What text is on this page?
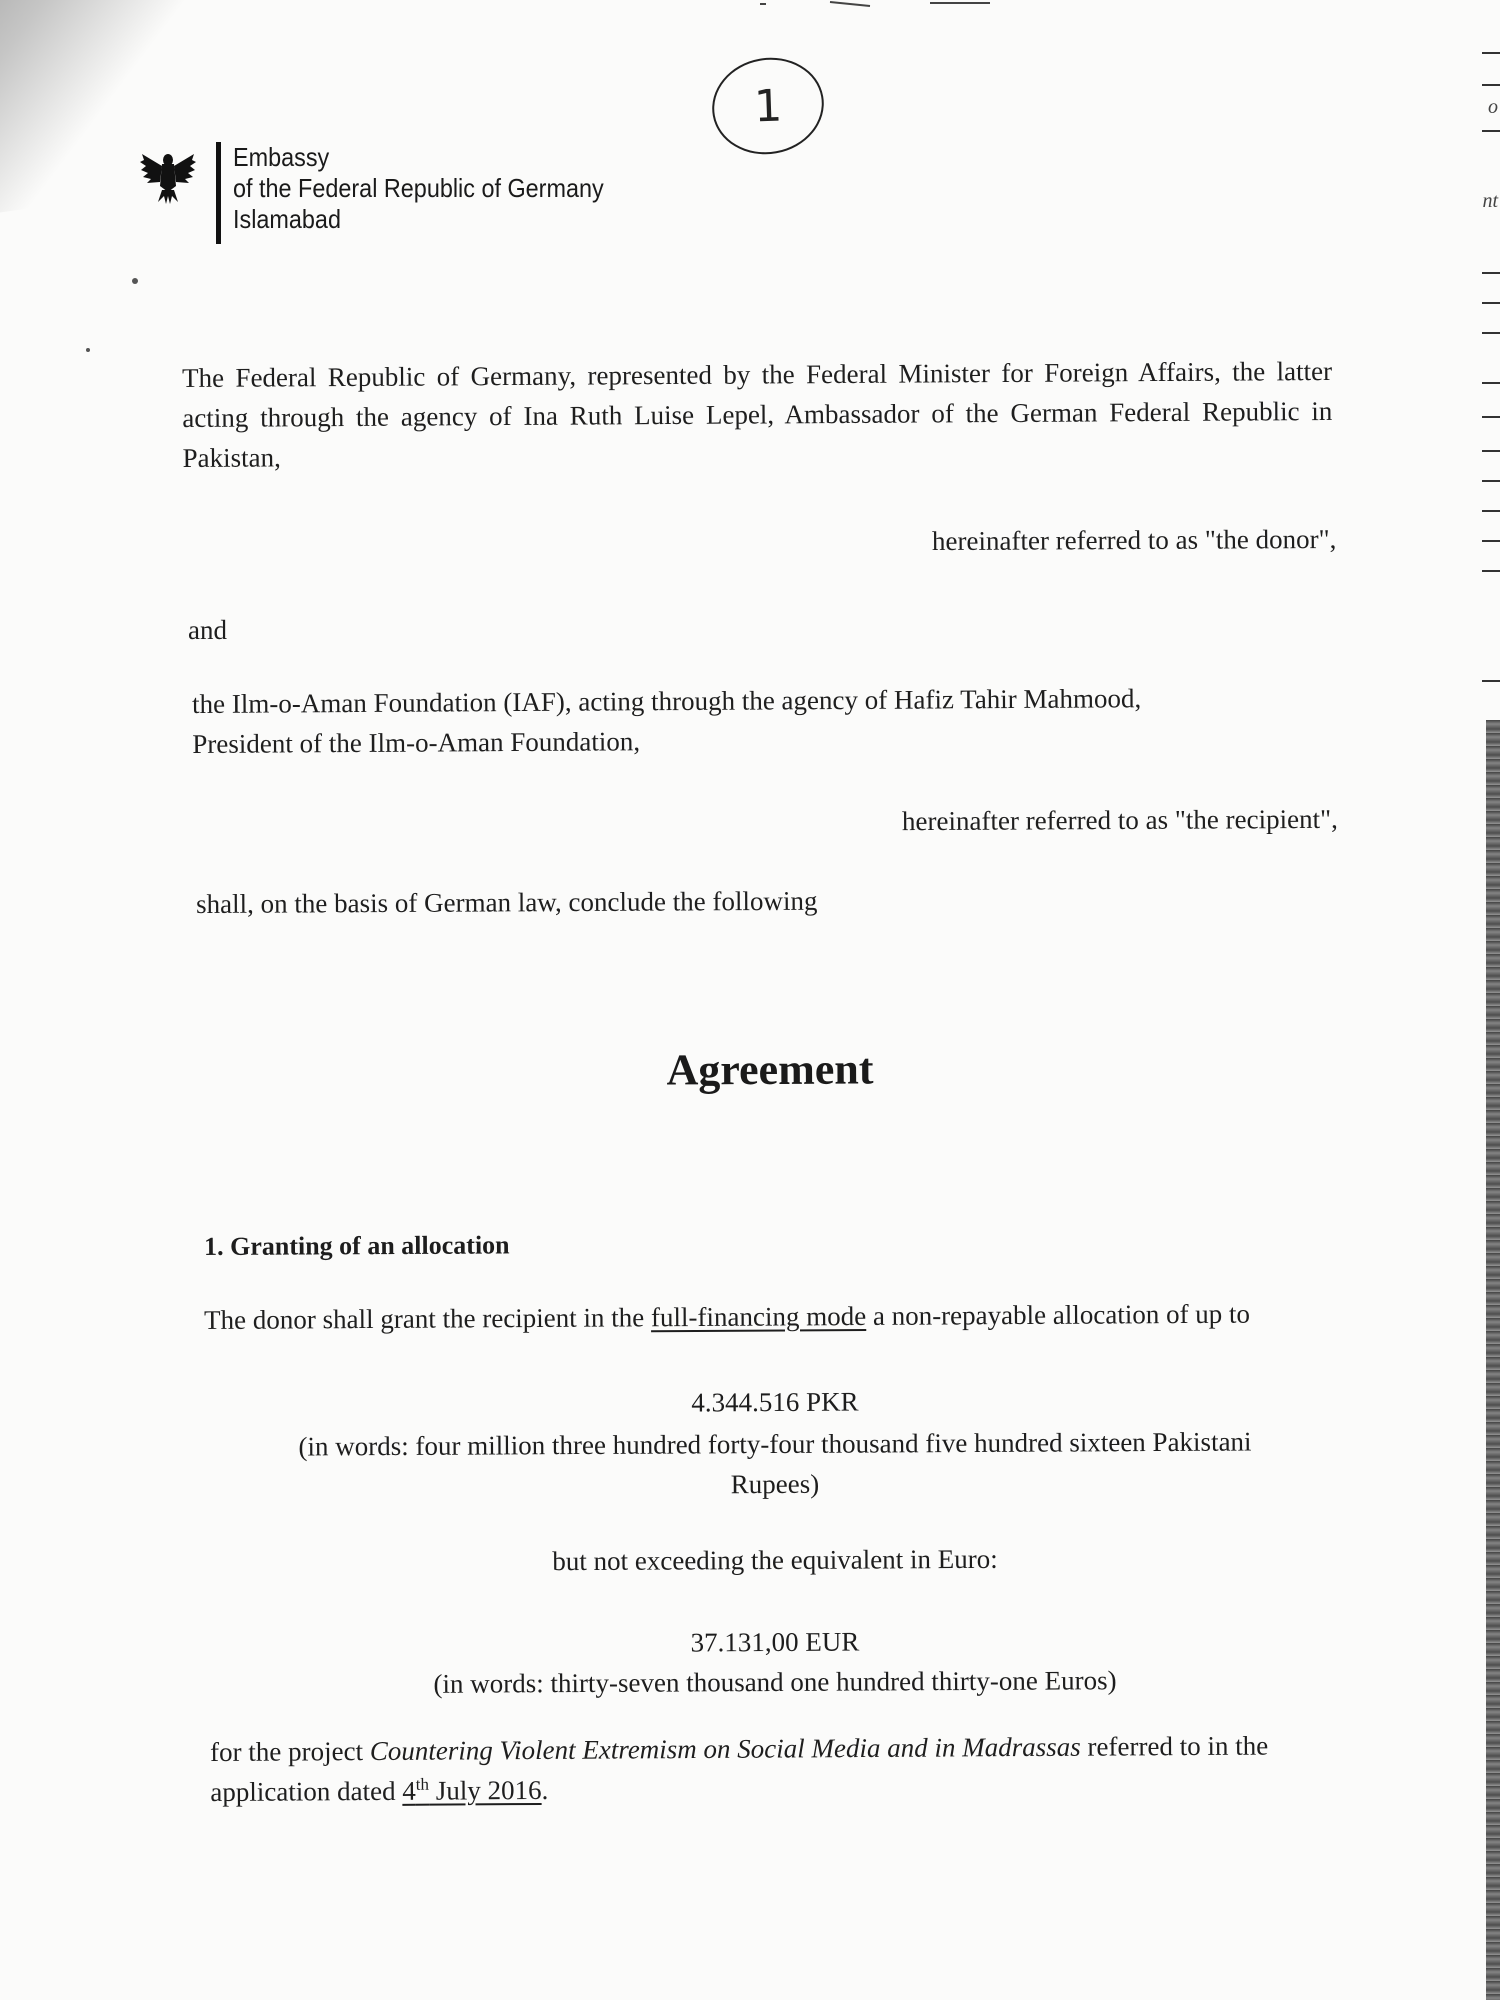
o
nt
1
Embassy
of the Federal Republic of Germany
Islamabad
The Federal Republic of Germany, represented by the Federal Minister for Foreign Affairs, the latter acting through the agency of Ina Ruth Luise Lepel, Ambassador of the German Federal Republic in Pakistan,
hereinafter referred to as "the donor",
and
the Ilm-o-Aman Foundation (IAF), acting through the agency of Hafiz Tahir Mahmood,
President of the Ilm-o-Aman Foundation,
hereinafter referred to as "the recipient",
shall, on the basis of German law, conclude the following
Agreement
1. Granting of an allocation
The donor shall grant the recipient in the full-financing mode a non-repayable allocation of up to
4.344.516 PKR
(in words: four million three hundred forty-four thousand five hundred sixteen Pakistani
Rupees)
but not exceeding the equivalent in Euro:
37.131,00 EUR
(in words: thirty-seven thousand one hundred thirty-one Euros)
for the project Countering Violent Extremism on Social Media and in Madrassas referred to in the application dated 4th July 2016.
